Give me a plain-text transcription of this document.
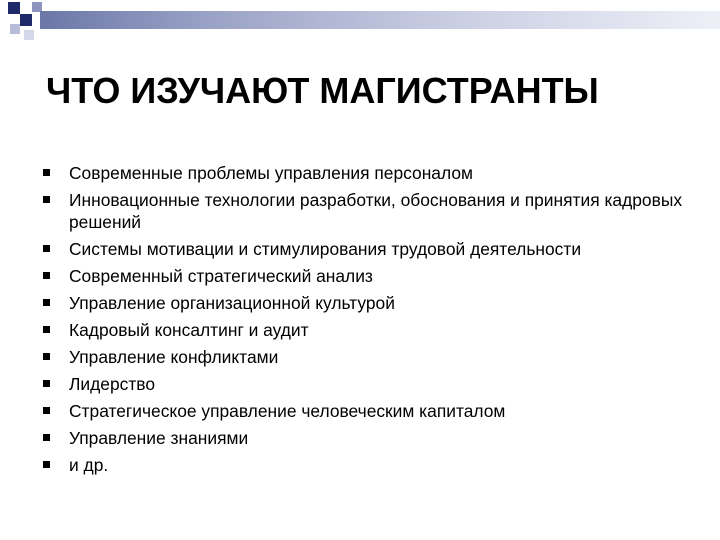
ЧТО ИЗУЧАЮТ МАГИСТРАНТЫ
Современные проблемы управления персоналом
Инновационные технологии разработки, обоснования и принятия кадровых решений
Системы мотивации и стимулирования трудовой деятельности
Современный стратегический анализ
Управление организационной культурой
Кадровый консалтинг и аудит
Управление конфликтами
Лидерство
Стратегическое управление человеческим капиталом
Управление знаниями
и др.
